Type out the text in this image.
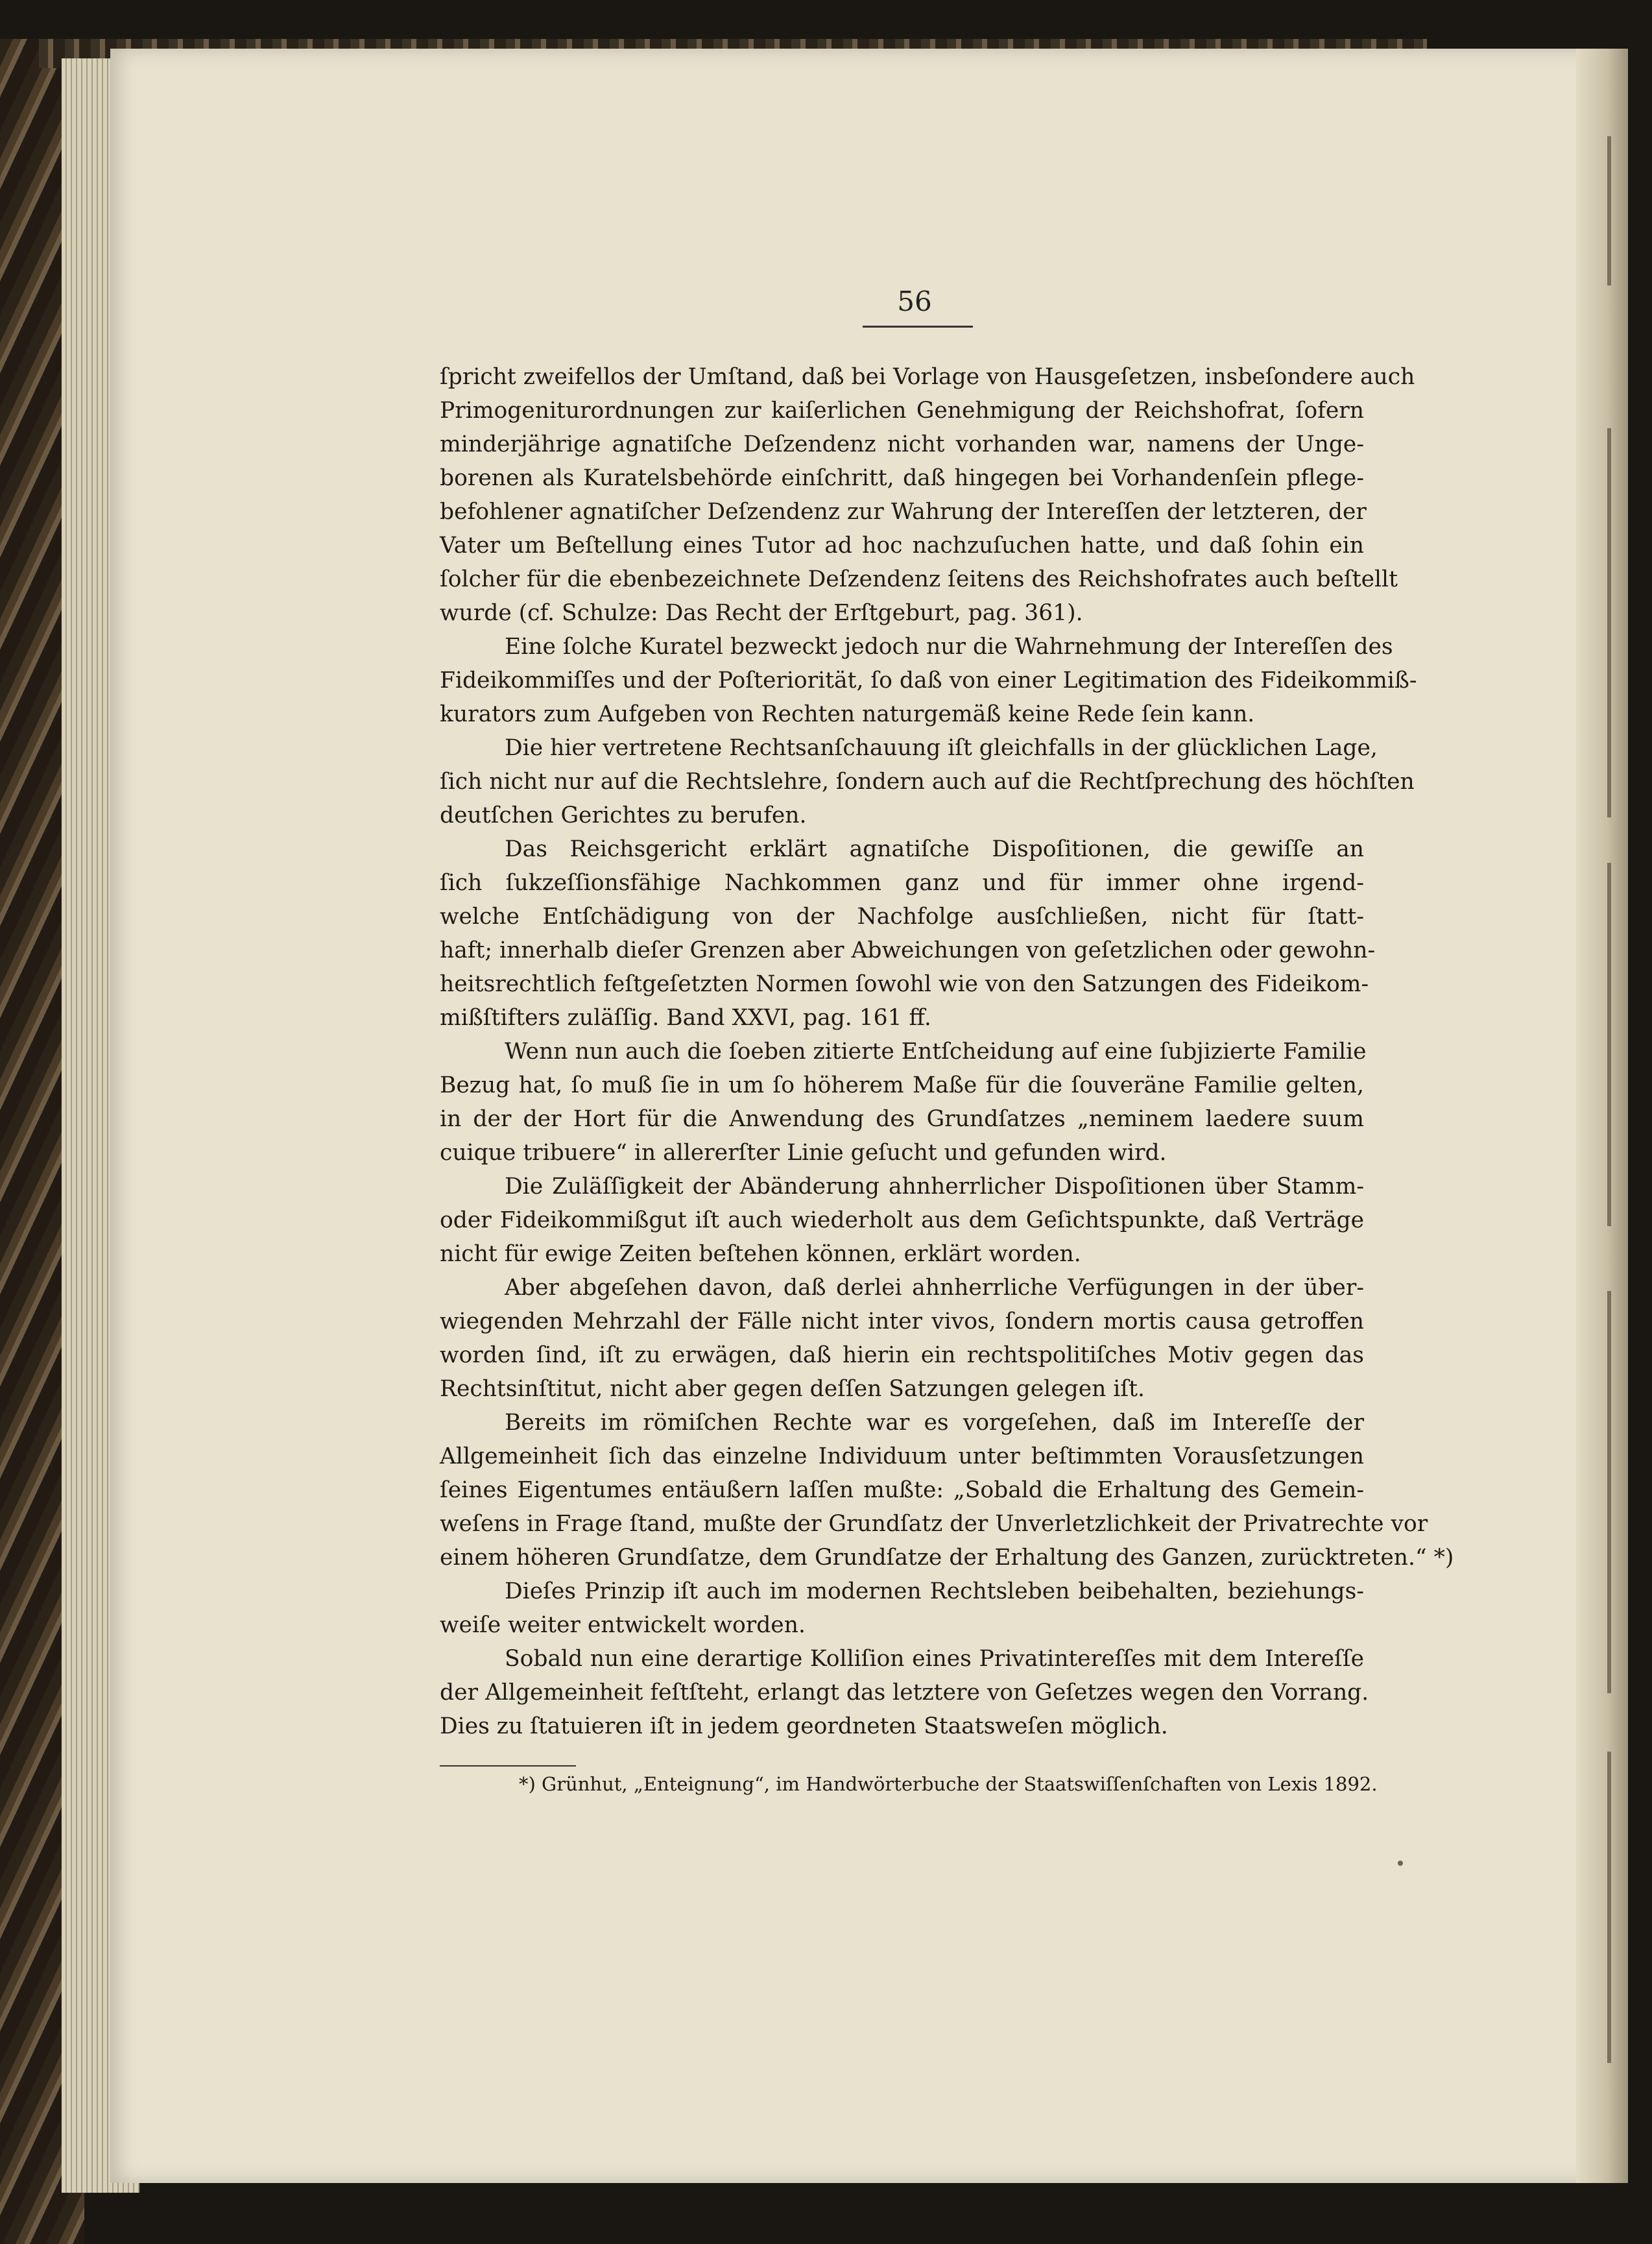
56
ſpricht zweifellos der Umſtand, daß bei Vorlage von Hausgeſetzen, insbeſondere auch
Primogeniturordnungen zur kaiſerlichen Genehmigung der Reichshofrat, ſofern
minderjährige agnatiſche Deſzendenz nicht vorhanden war, namens der Unge-
borenen als Kuratelsbehörde einſchritt, daß hingegen bei Vorhandenſein pflege-
befohlener agnatiſcher Deſzendenz zur Wahrung der Intereſſen der letzteren, der
Vater um Beſtellung eines Tutor ad hoc nachzuſuchen hatte, und daß ſohin ein
ſolcher für die ebenbezeichnete Deſzendenz ſeitens des Reichshofrates auch beſtellt
wurde (cf. Schulze: Das Recht der Erſtgeburt, pag. 361).
Eine ſolche Kuratel bezweckt jedoch nur die Wahrnehmung der Intereſſen des
Fideikommiſſes und der Poſteriorität, ſo daß von einer Legitimation des Fideikommiß-
kurators zum Aufgeben von Rechten naturgemäß keine Rede ſein kann.
Die hier vertretene Rechtsanſchauung iſt gleichfalls in der glücklichen Lage,
ſich nicht nur auf die Rechtslehre, ſondern auch auf die Rechtſprechung des höchſten
deutſchen Gerichtes zu berufen.
Das Reichsgericht erklärt agnatiſche Dispoſitionen, die gewiſſe an
ſich ſukzeſſionsfähige Nachkommen ganz und für immer ohne irgend-
welche Entſchädigung von der Nachfolge ausſchließen, nicht für ſtatt-
haft; innerhalb dieſer Grenzen aber Abweichungen von geſetzlichen oder gewohn-
heitsrechtlich feſtgeſetzten Normen ſowohl wie von den Satzungen des Fideikom-
mißſtifters zuläſſig. Band XXVI, pag. 161 ff.
Wenn nun auch die ſoeben zitierte Entſcheidung auf eine ſubjizierte Familie
Bezug hat, ſo muß ſie in um ſo höherem Maße für die ſouveräne Familie gelten,
in der der Hort für die Anwendung des Grundſatzes „neminem laedere suum
cuique tribuere“ in allererſter Linie geſucht und gefunden wird.
Die Zuläſſigkeit der Abänderung ahnherrlicher Dispoſitionen über Stamm-
oder Fideikommißgut iſt auch wiederholt aus dem Geſichtspunkte, daß Verträge
nicht für ewige Zeiten beſtehen können, erklärt worden.
Aber abgeſehen davon, daß derlei ahnherrliche Verfügungen in der über-
wiegenden Mehrzahl der Fälle nicht inter vivos, ſondern mortis causa getroffen
worden ſind, iſt zu erwägen, daß hierin ein rechtspolitiſches Motiv gegen das
Rechtsinſtitut, nicht aber gegen deſſen Satzungen gelegen iſt.
Bereits im römiſchen Rechte war es vorgeſehen, daß im Intereſſe der
Allgemeinheit ſich das einzelne Individuum unter beſtimmten Vorausſetzungen
ſeines Eigentumes entäußern laſſen mußte: „Sobald die Erhaltung des Gemein-
weſens in Frage ſtand, mußte der Grundſatz der Unverletzlichkeit der Privatrechte vor
einem höheren Grundſatze, dem Grundſatze der Erhaltung des Ganzen, zurücktreten.“ *)
Dieſes Prinzip iſt auch im modernen Rechtsleben beibehalten, beziehungs-
weiſe weiter entwickelt worden.
Sobald nun eine derartige Kolliſion eines Privatintereſſes mit dem Intereſſe
der Allgemeinheit feſtſteht, erlangt das letztere von Geſetzes wegen den Vorrang.
Dies zu ſtatuieren iſt in jedem geordneten Staatsweſen möglich.
*) Grünhut, „Enteignung“, im Handwörterbuche der Staatswiſſenſchaften von Lexis 1892.
